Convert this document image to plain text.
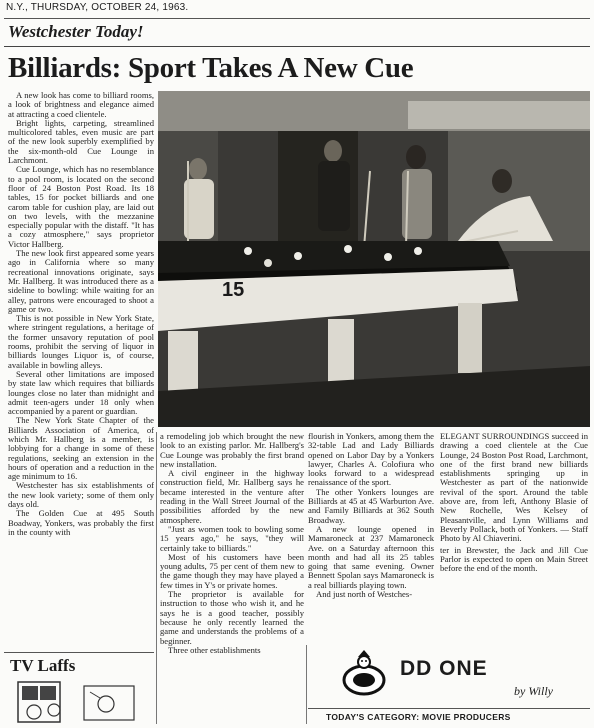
N.Y., THURSDAY, OCTOBER 24, 1963.
Westchester Today!
Billiards: Sport Takes A New Cue

A new look has come to billiard rooms, a look of brightness and elegance aimed at attracting a coed clientele.

Bright lights, carpeting, streamlined multicolored tables, even music are part of the new look superbly exemplified by the six-month-old Cue Lounge in Larchmont.

Cue Lounge, which has no resemblance to a pool room, is located on the second floor of 24 Boston Post Road. Its 18 tables, 15 for pocket billiards and one carom table for cushion play, are laid out on two levels, with the mezzanine especially popular with the distaff. "It has a cozy atmosphere," says proprietor Victor Hallberg.

The new look first appeared some years ago in California where so many recreational innovations originate, says Mr. Hallberg. It was introduced there as a sideline to bowling: while waiting for an alley, patrons were encouraged to shoot a game or two.

This is not possible in New York State, where stringent regulations, a heritage of the former unsavory reputation of pool rooms, prohibit the serving of liquor in billiards lounges Liquor is, of course, available in bowling alleys.

Several other limitations are imposed by state law which requires that billiards lounges close no later than midnight and admit teen-agers under 18 only when accompanied by a parent or guardian.

The New York State Chapter of the Billiards Association of America, of which Mr. Hallberg is a member, is lobbying for a change in some of these regulations, seeking an extension in the hours of operation and a reduction in the age minimum to 16.

Westchester has six establishments of the new look variety; some of them only days old.

The Golden Cue at 495 South Boadway, Yonkers, was probably the first in the county with

15

a remodeling job which brought the new look to an existing parlor. Mr. Hallberg's Cue Lounge was probably the first brand new installation.

A civil engineer in the highway construction field, Mr. Hallberg says he became interested in the venture after reading in the Wall Street Journal of the possibilities afforded by the new atmosphere.

"Just as women took to bowling some 15 years ago," he says, "they will certainly take to billiards."

Most of his customers have been young adults, 75 per cent of them new to the game though they may have played a few times in Y's or private homes.

The proprietor is available for instruction to those who wish it, and he says he is a good teacher, possibly because he only recently learned the game and understands the problems of a beginner.

Three other establishments

flourish in Yonkers, among them the 32-table Lad and Lady Billiards opened on Labor Day by a Yonkers lawyer, Charles A. Colofiura who looks forward to a widespread renaissance of the sport.

The other Yonkers lounges are Billiards at 45 at 45 Warburton Ave. and Family Billiards at 362 South Broadway.

A new lounge opened in Mamaroneck at 237 Mamaroneck Ave. on a Saturday afternoon this month and had all its 25 tables going that same evening. Owner Bennett Spolan says Mamaroneck is a real billiards playing town.

And just north of Westches-

ELEGANT SURROUNDINGS succeed in drawing a coed clientele at the Cue Lounge, 24 Boston Post Road, Larchmont, one of the first brand new billiards establishments springing up in Westchester as part of the nationwide revival of the sport. Around the table above are, from left, Anthony Blasie of New Rochelle, Wes Kelsey of Pleasantville, and Lynn Williams and Beverly Pollack, both of Yonkers. — Staff Photo by Al Chiaverini.

ter in Brewster, the Jack and Jill Cue Parlor is expected to open on Main Street before the end of the month.

TV Laffs	DD ONE
by Willy
TODAY'S CATEGORY: MOVIE PRODUCERS
